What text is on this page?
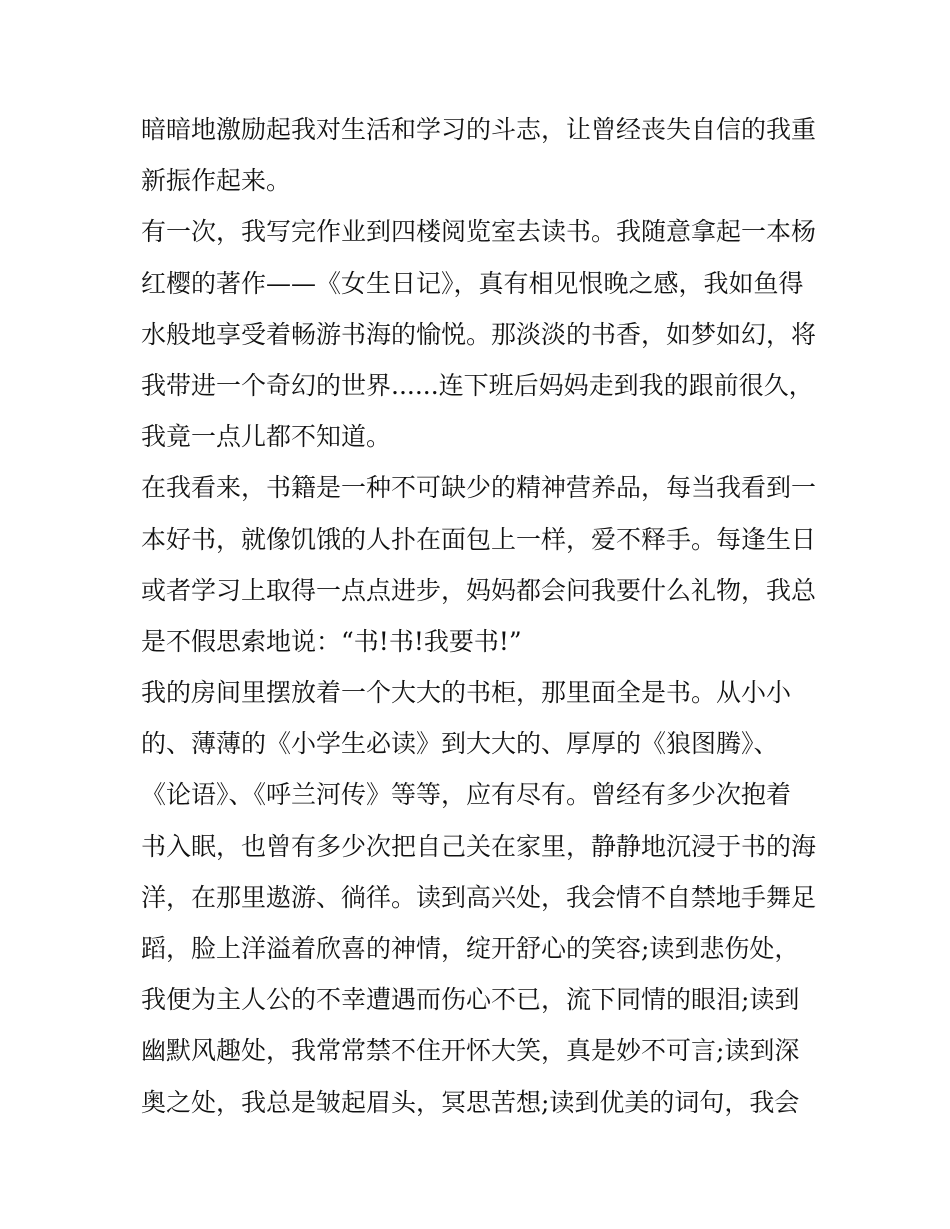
暗暗地激励起我对生活和学习的斗志，让曾经丧失自信的我重
新振作起来。
有一次，我写完作业到四楼阅览室去读书。我随意拿起一本杨
红樱的著作——《女生日记》，真有相见恨晚之感，我如鱼得
水般地享受着畅游书海的愉悦。那淡淡的书香，如梦如幻，将
我带进一个奇幻的世界......连下班后妈妈走到我的跟前很久，
我竟一点儿都不知道。
在我看来，书籍是一种不可缺少的精神营养品，每当我看到一
本好书，就像饥饿的人扑在面包上一样，爱不释手。每逢生日
或者学习上取得一点点进步，妈妈都会问我要什么礼物，我总
是不假思索地说：“书!书!我要书!”
我的房间里摆放着一个大大的书柜，那里面全是书。从小小
的、薄薄的《小学生必读》到大大的、厚厚的《狼图腾》、
《论语》、《呼兰河传》等等，应有尽有。曾经有多少次抱着
书入眠，也曾有多少次把自己关在家里，静静地沉浸于书的海
洋，在那里遨游、徜徉。读到高兴处，我会情不自禁地手舞足
蹈，脸上洋溢着欣喜的神情，绽开舒心的笑容;读到悲伤处，
我便为主人公的不幸遭遇而伤心不已，流下同情的眼泪;读到
幽默风趣处，我常常禁不住开怀大笑，真是妙不可言;读到深
奥之处，我总是皱起眉头，冥思苦想;读到优美的词句，我会
